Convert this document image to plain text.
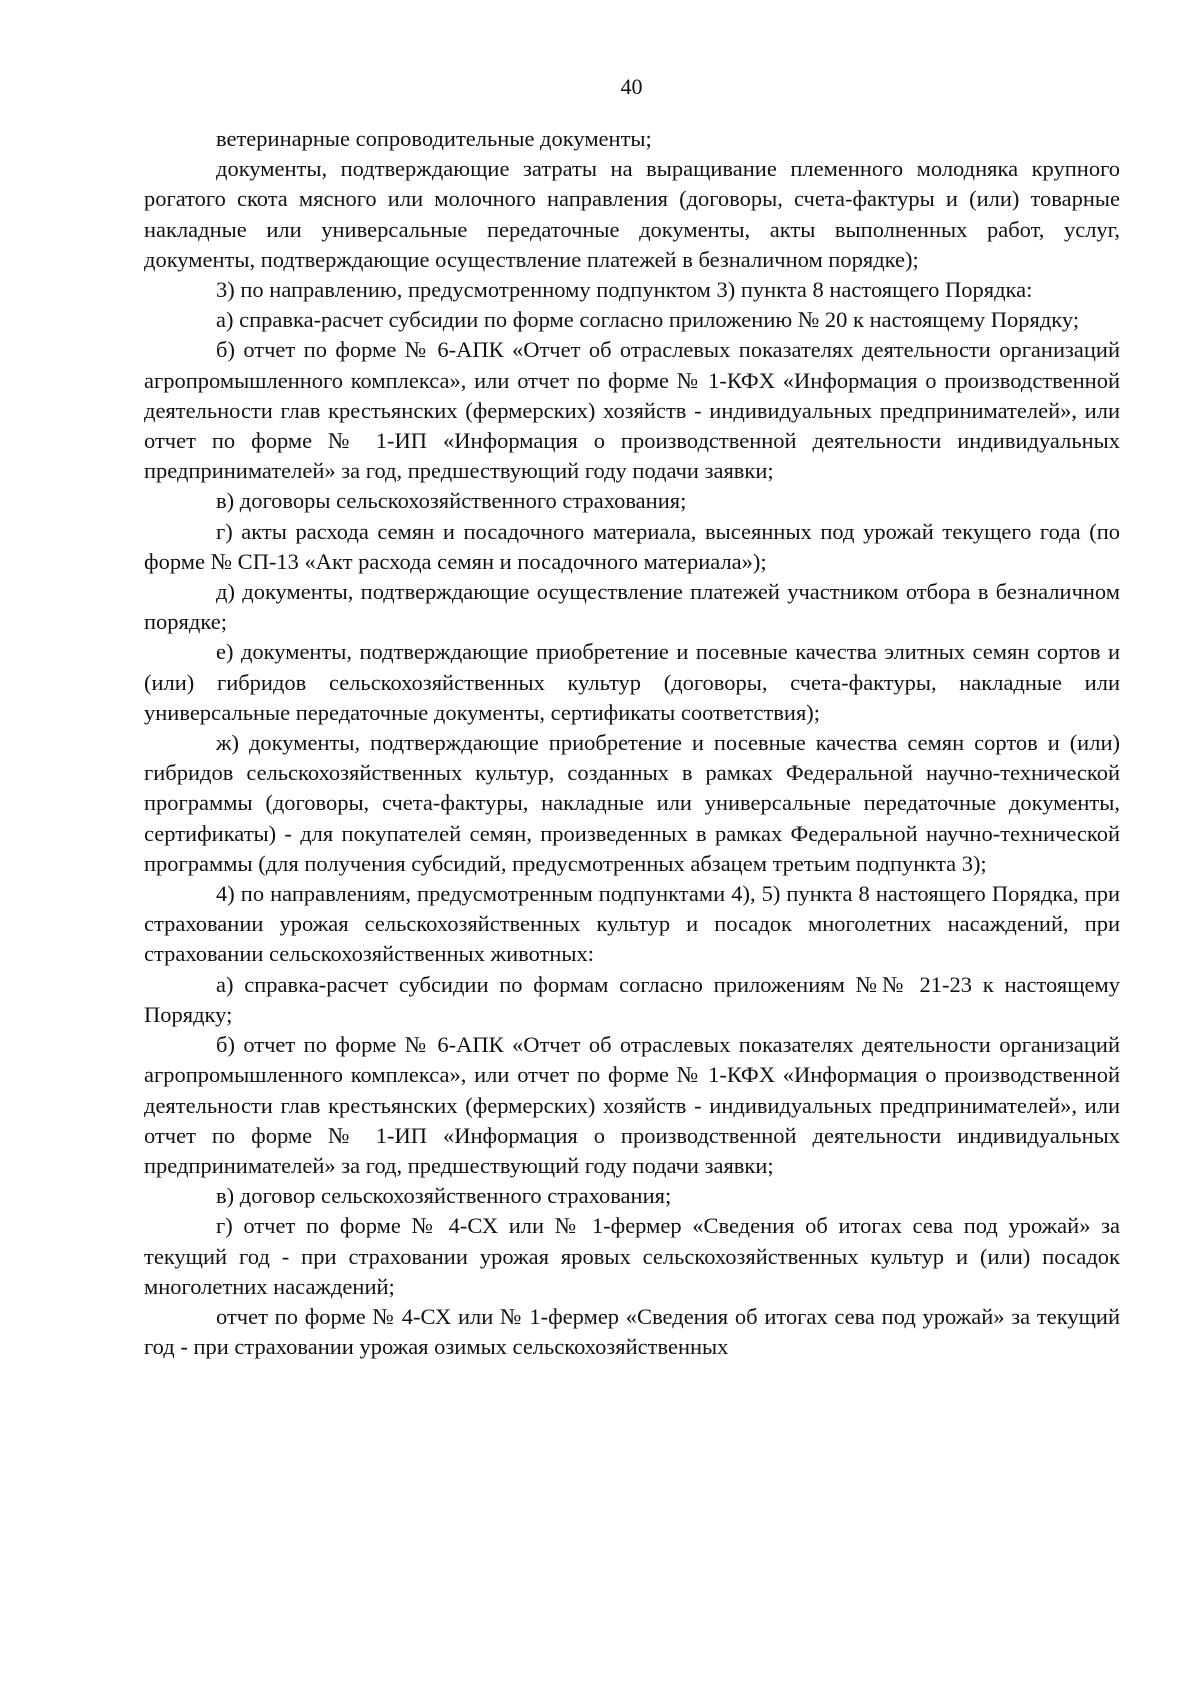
40

ветеринарные сопроводительные документы;

документы, подтверждающие затраты на выращивание племенного молодняка крупного рогатого скота мясного или молочного направления (договоры, счета-фактуры и (или) товарные накладные или универсальные передаточные документы, акты выполненных работ, услуг, документы, подтверждающие осуществление платежей в безналичном порядке);

3) по направлению, предусмотренному подпунктом 3) пункта 8 настоящего Порядка:

а) справка-расчет субсидии по форме согласно приложению № 20 к настоящему Порядку;

б) отчет по форме № 6-АПК «Отчет об отраслевых показателях деятельности организаций агропромышленного комплекса», или отчет по форме № 1-КФХ «Информация о производственной деятельности глав крестьянских (фермерских) хозяйств - индивидуальных предпринимателей», или отчет по форме № 1-ИП «Информация о производственной деятельности индивидуальных предпринимателей» за год, предшествующий году подачи заявки;

в) договоры сельскохозяйственного страхования;

г) акты расхода семян и посадочного материала, высеянных под урожай текущего года (по форме № СП-13 «Акт расхода семян и посадочного материала»);

д) документы, подтверждающие осуществление платежей участником отбора в безналичном порядке;

е) документы, подтверждающие приобретение и посевные качества элитных семян сортов и (или) гибридов сельскохозяйственных культур (договоры, счета-фактуры, накладные или универсальные передаточные документы, сертификаты соответствия);

ж) документы, подтверждающие приобретение и посевные качества семян сортов и (или) гибридов сельскохозяйственных культур, созданных в рамках Федеральной научно-технической программы (договоры, счета-фактуры, накладные или универсальные передаточные документы, сертификаты) - для покупателей семян, произведенных в рамках Федеральной научно-технической программы (для получения субсидий, предусмотренных абзацем третьим подпункта 3);

4) по направлениям, предусмотренным подпунктами 4), 5) пункта 8 настоящего Порядка, при страховании урожая сельскохозяйственных культур и посадок многолетних насаждений, при страховании сельскохозяйственных животных:

а) справка-расчет субсидии по формам согласно приложениям №№ 21-23 к настоящему Порядку;

б) отчет по форме № 6-АПК «Отчет об отраслевых показателях деятельности организаций агропромышленного комплекса», или отчет по форме № 1-КФХ «Информация о производственной деятельности глав крестьянских (фермерских) хозяйств - индивидуальных предпринимателей», или отчет по форме № 1-ИП «Информация о производственной деятельности индивидуальных предпринимателей» за год, предшествующий году подачи заявки;

в) договор сельскохозяйственного страхования;

г) отчет по форме № 4-СХ или № 1-фермер «Сведения об итогах сева под урожай» за текущий год - при страховании урожая яровых сельскохозяйственных культур и (или) посадок многолетних насаждений;

отчет по форме № 4-СХ или № 1-фермер «Сведения об итогах сева под урожай» за текущий год - при страховании урожая озимых сельскохозяйственных
